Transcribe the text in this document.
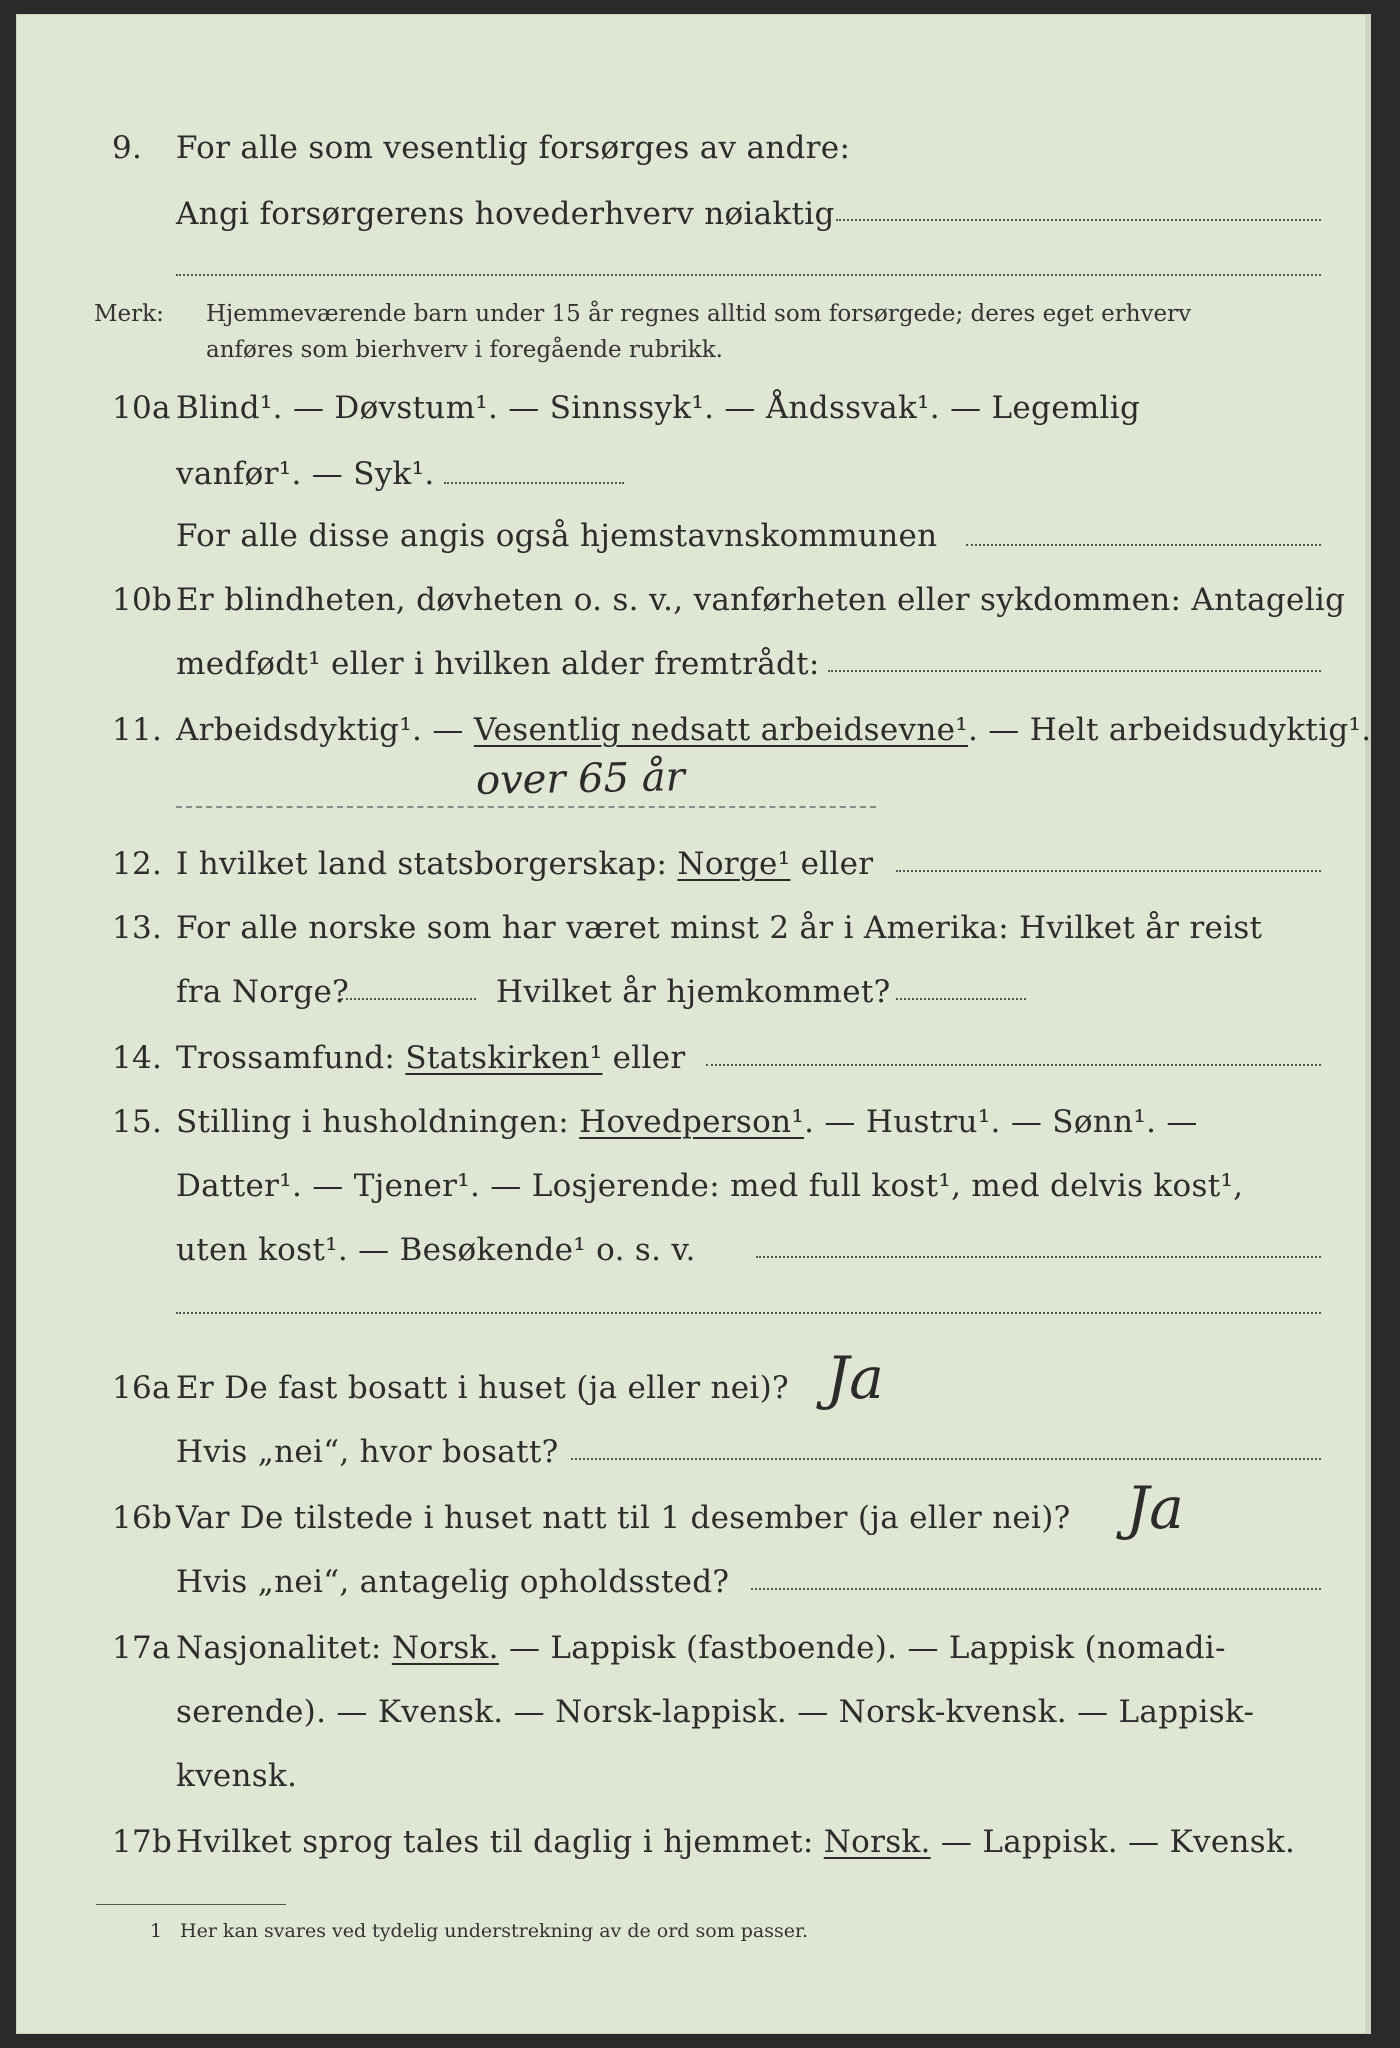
9. For alle som vesentlig forsørges av andre:
Angi forsørgerens hovederhverv nøiaktig
Merk: Hjemmeværende barn under 15 år regnes alltid som forsørgede; deres eget erhverv
anføres som bierhverv i foregående rubrikk.
10a Blind¹. — Døvstum¹. — Sinnssyk¹. — Åndssvak¹. — Legemlig
vanfør¹. — Syk¹.
For alle disse angis også hjemstavnskommunen
10b Er blindheten, døvheten o. s. v., vanførheten eller sykdommen: Antagelig
medfødt¹ eller i hvilken alder fremtrådt:
11. Arbeidsdyktig¹. — Vesentlig nedsatt arbeidsevne¹. — Helt arbeidsudyktig¹.
over 65 år
12. I hvilket land statsborgerskap: Norge¹ eller
13. For alle norske som har været minst 2 år i Amerika: Hvilket år reist
fra Norge?	Hvilket år hjemkommet?
14. Trossamfund: Statskirken¹ eller
15. Stilling i husholdningen: Hovedperson¹. — Hustru¹. — Sønn¹. —
Datter¹. — Tjener¹. — Losjerende: med full kost¹, med delvis kost¹,
uten kost¹. — Besøkende¹ o. s. v.
16a Er De fast bosatt i huset (ja eller nei)? Ja
Hvis „nei“, hvor bosatt?
16b Var De tilstede i huset natt til 1 desember (ja eller nei)? Ja
Hvis „nei“, antagelig opholdssted?
17a Nasjonalitet: Norsk. — Lappisk (fastboende). — Lappisk (nomadi-
serende). — Kvensk. — Norsk-lappisk. — Norsk-kvensk. — Lappisk-
kvensk.
17b Hvilket sprog tales til daglig i hjemmet: Norsk. — Lappisk. — Kvensk.
1 Her kan svares ved tydelig understrekning av de ord som passer.
